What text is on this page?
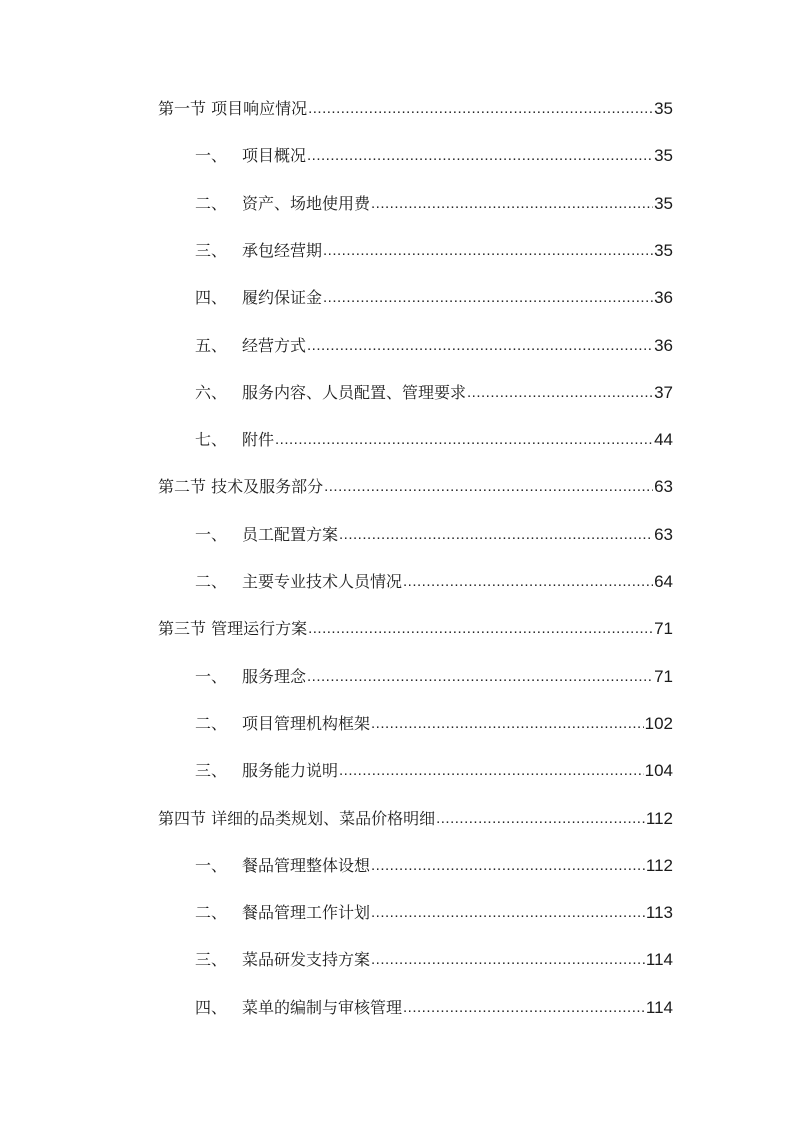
第一节 项目响应情况 .....	35
一、 项目概况 .....	35
二、 资产、场地使用费 .....	35
三、 承包经营期 .....	35
四、 履约保证金 .....	36
五、 经营方式 .....	36
六、 服务内容、人员配置、管理要求 .....	37
七、 附件 .....	44
第二节 技术及服务部分 .....	63
一、 员工配置方案 .....	63
二、 主要专业技术人员情况 .....	64
第三节 管理运行方案 .....	71
一、 服务理念 .....	71
二、 项目管理机构框架 .....	102
三、 服务能力说明 .....	104
第四节 详细的品类规划、菜品价格明细 .....	112
一、 餐品管理整体设想 .....	112
二、 餐品管理工作计划 .....	113
三、 菜品研发支持方案 .....	114
四、 菜单的编制与审核管理 .....	114
